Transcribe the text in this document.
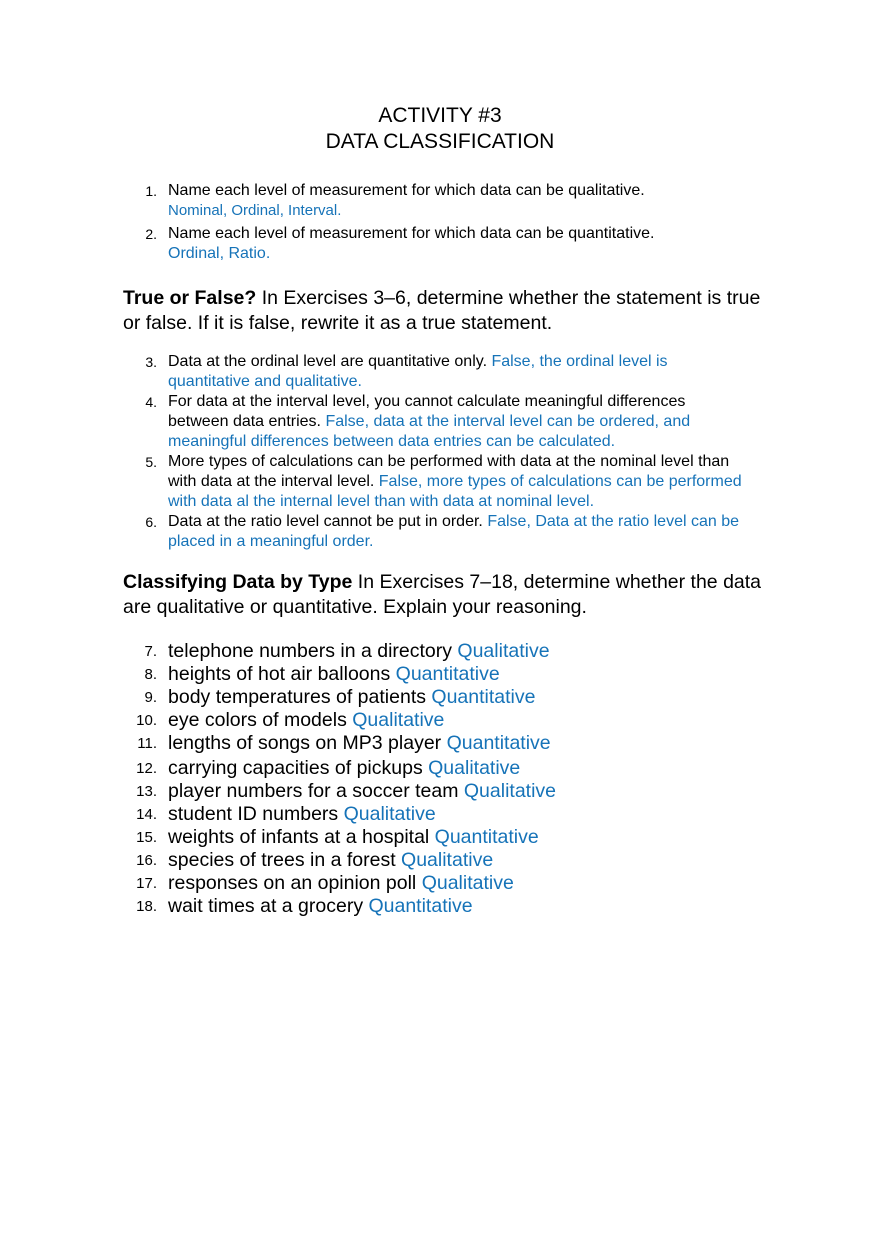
ACTIVITY #3
DATA CLASSIFICATION
1. Name each level of measurement for which data can be qualitative.
Nominal, Ordinal, Interval.
2. Name each level of measurement for which data can be quantitative.
Ordinal, Ratio.
True or False? In Exercises 3–6, determine whether the statement is true or false. If it is false, rewrite it as a true statement.
3. Data at the ordinal level are quantitative only. False, the ordinal level is quantitative and qualitative.
4. For data at the interval level, you cannot calculate meaningful differences between data entries. False, data at the interval level can be ordered, and meaningful differences between data entries can be calculated.
5. More types of calculations can be performed with data at the nominal level than with data at the interval level. False, more types of calculations can be performed with data al the internal level than with data at nominal level.
6. Data at the ratio level cannot be put in order. False, Data at the ratio level can be placed in a meaningful order.
Classifying Data by Type In Exercises 7–18, determine whether the data are qualitative or quantitative. Explain your reasoning.
7. telephone numbers in a directory Qualitative
8. heights of hot air balloons Quantitative
9. body temperatures of patients Quantitative
10. eye colors of models Qualitative
11. lengths of songs on MP3 player Quantitative
12. carrying capacities of pickups Qualitative
13. player numbers for a soccer team Qualitative
14. student ID numbers Qualitative
15. weights of infants at a hospital Quantitative
16. species of trees in a forest Qualitative
17. responses on an opinion poll Qualitative
18. wait times at a grocery Quantitative
